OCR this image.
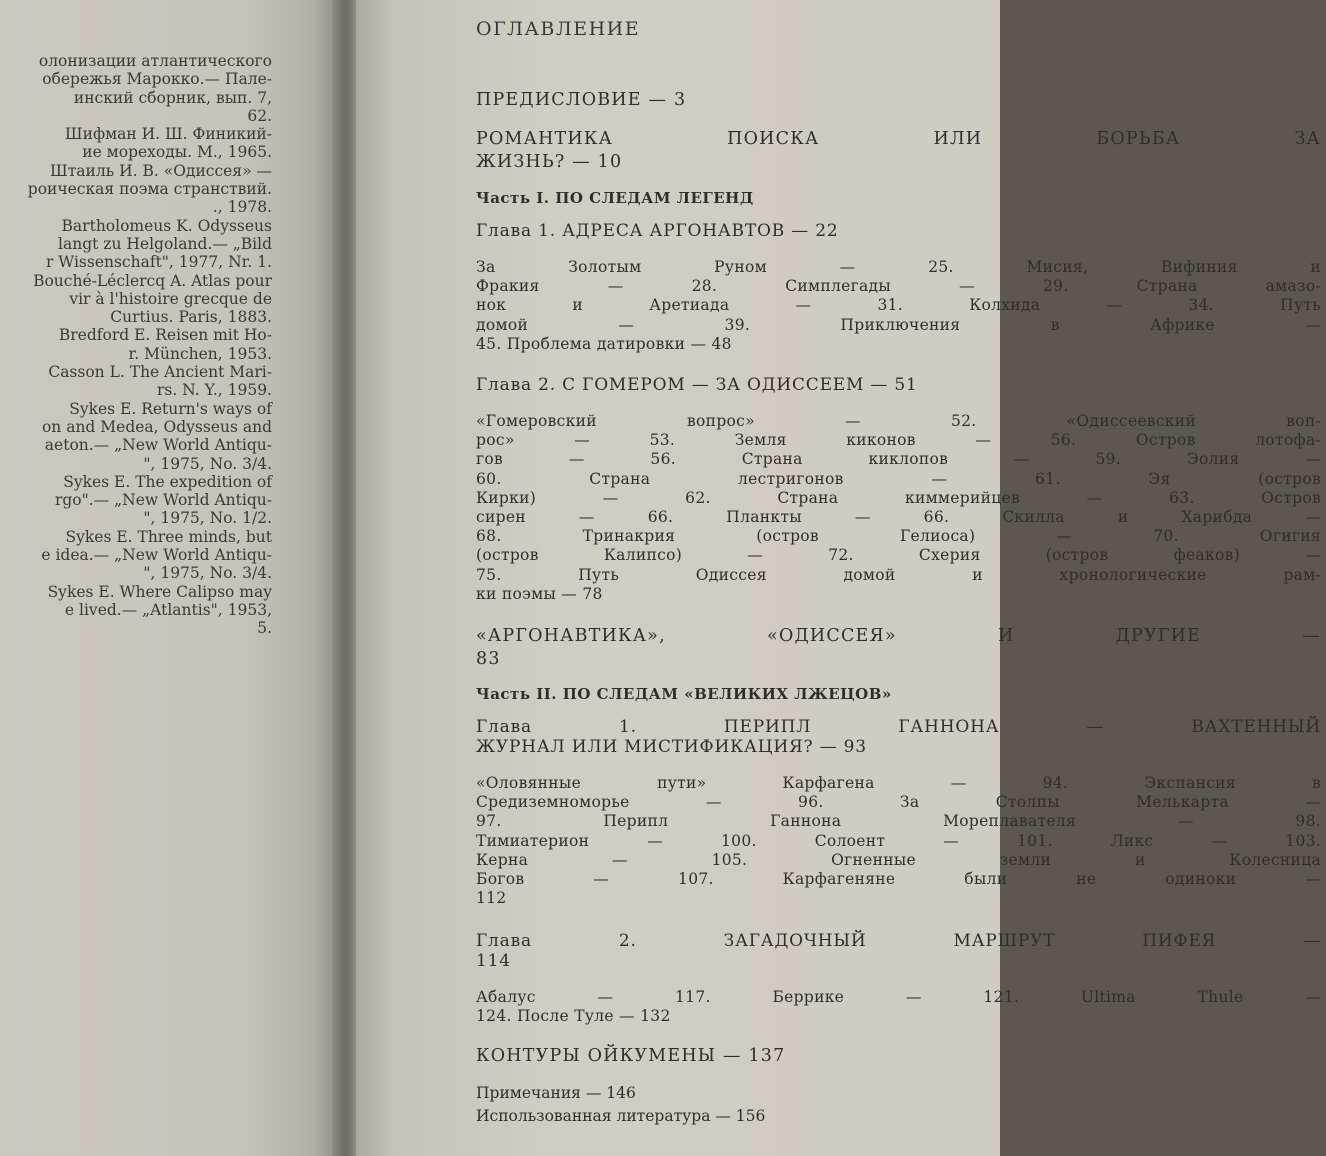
олонизации атлантического
обережья Марокко.— Пале-
инский сборник, вып. 7,
62.
Шифман И. Ш. Финикий-
ие мореходы. М., 1965.
Штаиль И. В. «Одиссея» —
роическая поэма странствий.
., 1978.
Bartholomeus K. Odysseus
langt zu Helgoland.— „Bild
r Wissenschaft", 1977, Nr. 1.
Bouché-Léclercq A. Atlas pour
vir à l'histoire grecque de
Curtius. Paris, 1883.
Bredford E. Reisen mit Ho-
r. München, 1953.
Casson L. The Ancient Mari-
rs. N. Y., 1959.
Sykes E. Return's ways of
on and Medea, Odysseus and
aeton.— „New World Antiqu-
", 1975, No. 3/4.
Sykes E. The expedition of
rgo".— „New World Antiqu-
", 1975, No. 1/2.
Sykes E. Three minds, but
e idea.— „New World Antiqu-
", 1975, No. 3/4.
Sykes E. Where Calipso may
e lived.— „Atlantis", 1953,
5.
ОГЛАВЛЕНИЕ
ПРЕДИСЛОВИЕ — 3
РОМАНТИКА ПОИСКА ИЛИ БОРЬБА ЗА
ЖИЗНЬ? — 10
Часть I. ПО СЛЕДАМ ЛЕГЕНД
Глава 1. АДРЕСА АРГОНАВТОВ — 22
За Золотым Руном — 25. Мисия, Вифиния и
Фракия — 28. Симплегады — 29. Страна амазо-
нок и Аретиада — 31. Колхида — 34. Путь
домой — 39. Приключения в Африке —
45. Проблема датировки — 48
Глава 2. С ГОМЕРОМ — ЗА ОДИССЕЕМ — 51
«Гомеровский вопрос» — 52. «Одиссеевский воп-
рос» — 53. Земля киконов — 56. Остров лотофа-
гов — 56. Страна киклопов — 59. Эолия —
60. Страна лестригонов — 61. Эя (остров
Кирки) — 62. Страна киммерийцев — 63. Остров
сирен — 66. Планкты — 66. Скилла и Харибда —
68. Тринакрия (остров Гелиоса) — 70. Огигия
(остров Калипсо) — 72. Схерия (остров феаков) —
75. Путь Одиссея домой и хронологические рам-
ки поэмы — 78
«АРГОНАВТИКА», «ОДИССЕЯ» И ДРУГИЕ —
83
Часть II. ПО СЛЕДАМ «ВЕЛИКИХ ЛЖЕЦОВ»
Глава 1. ПЕРИПЛ ГАННОНА — ВАХТЕННЫЙ
ЖУРНАЛ ИЛИ МИСТИФИКАЦИЯ? — 93
«Оловянные пути» Карфагена — 94. Экспансия в
Средиземноморье — 96. За Столпы Мелькарта —
97. Перипл Ганнона Мореплавателя — 98.
Тимиатерион — 100. Солоент — 101. Ликс — 103.
Керна — 105. Огненные земли и Колесница
Богов — 107. Карфагеняне были не одиноки —
112
Глава 2. ЗАГАДОЧНЫЙ МАРШРУТ ПИФЕЯ —
114
Абалус — 117. Беррике — 121. Ultima Thule —
124. После Туле — 132
КОНТУРЫ ОЙКУМЕНЫ — 137
Примечания — 146
Использованная литература — 156
